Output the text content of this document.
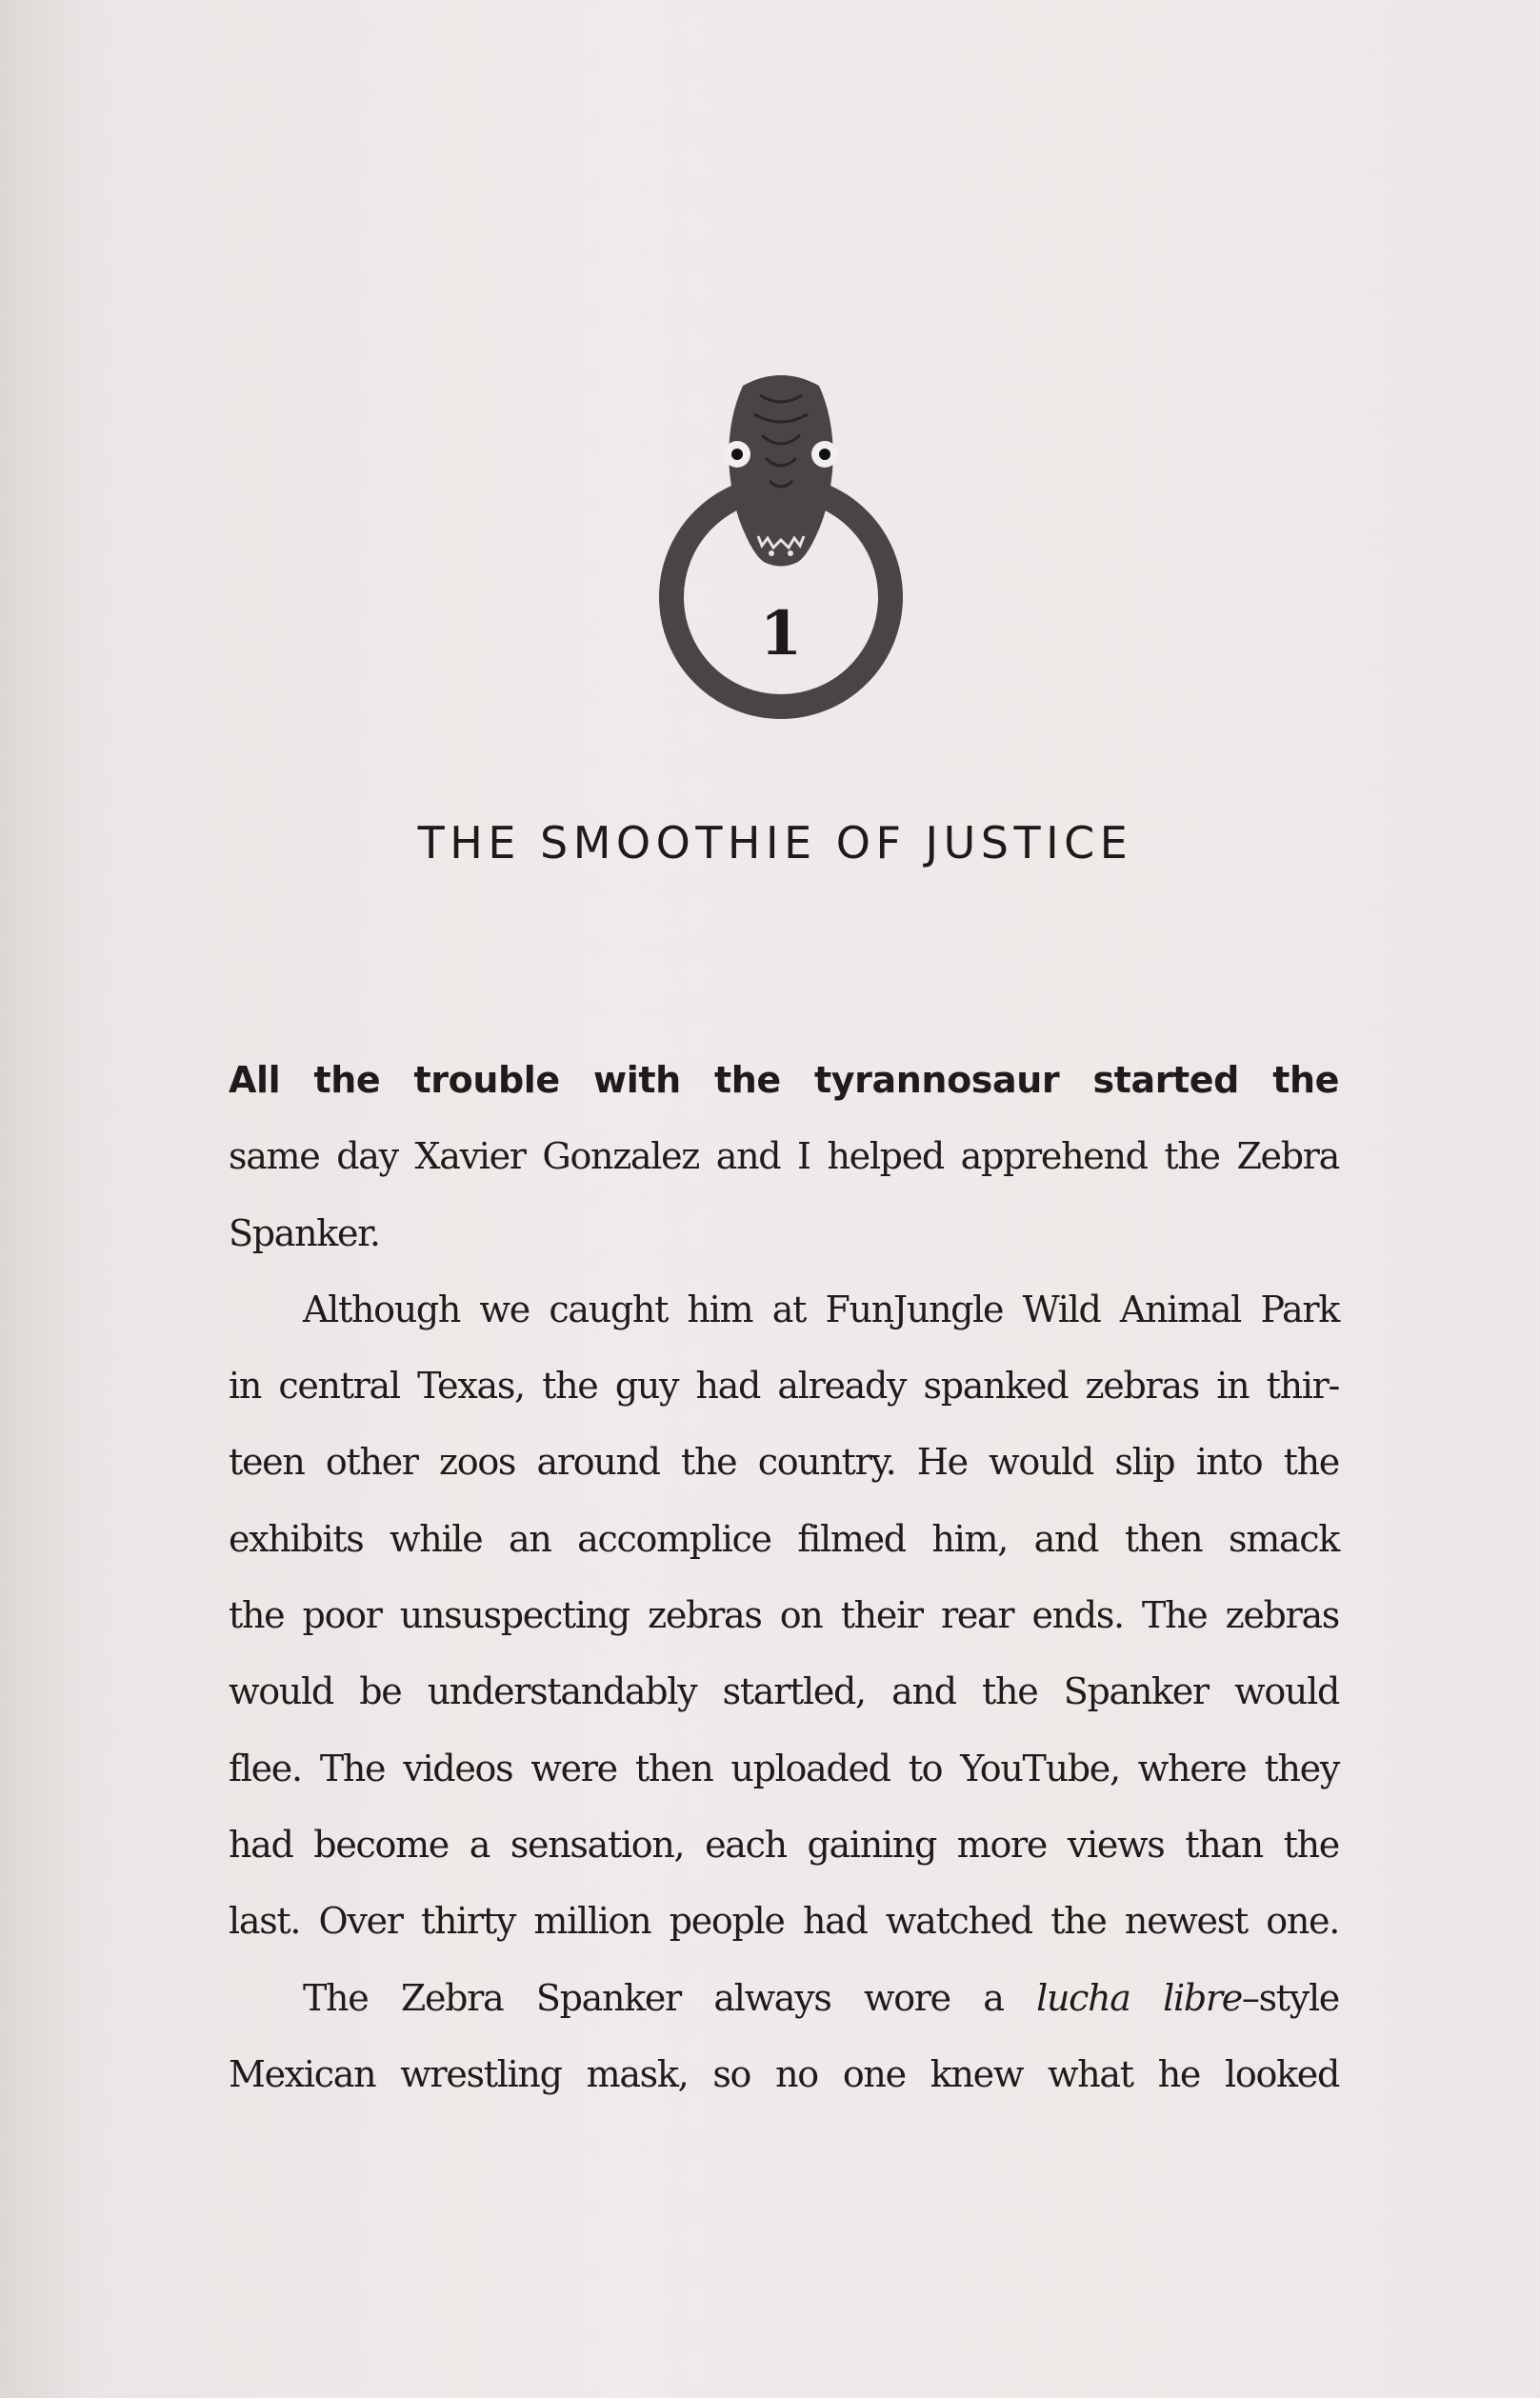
1
THE SMOOTHIE OF JUSTICE
All the trouble with the tyrannosaur started the
same day Xavier Gonzalez and I helped apprehend the Zebra
Spanker.
Although we caught him at FunJungle Wild Animal Park
in central Texas, the guy had already spanked zebras in thir-
teen other zoos around the country. He would slip into the
exhibits while an accomplice filmed him, and then smack
the poor unsuspecting zebras on their rear ends. The zebras
would be understandably startled, and the Spanker would
flee. The videos were then uploaded to YouTube, where they
had become a sensation, each gaining more views than the
last. Over thirty million people had watched the newest one.
The Zebra Spanker always wore a lucha libre–style
Mexican wrestling mask, so no one knew what he looked
